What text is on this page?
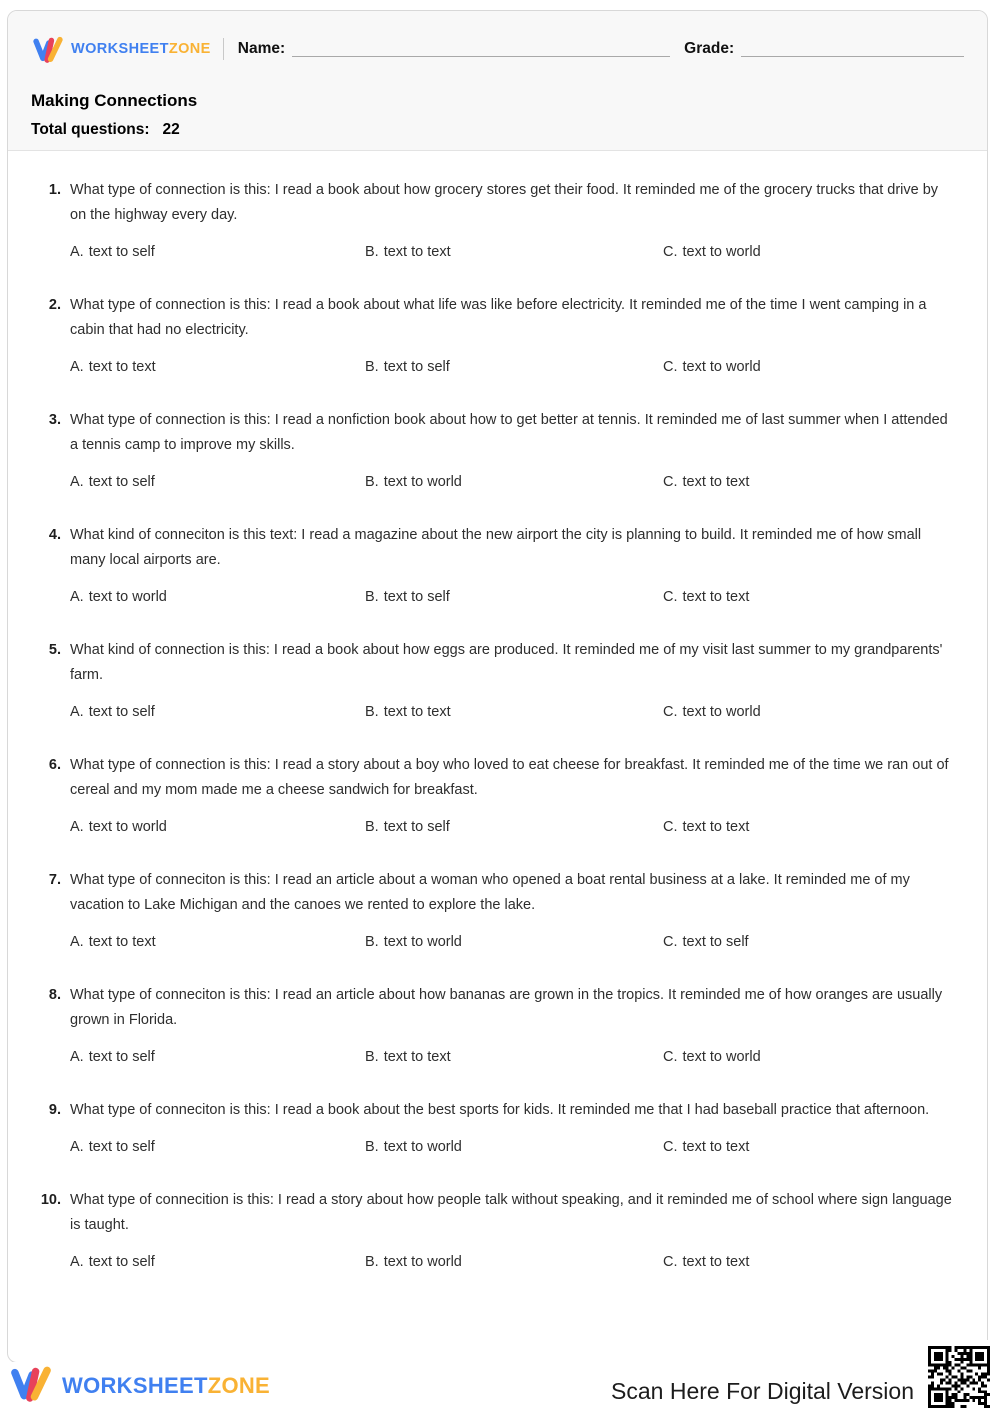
WORKSHEETZONE Name:	Grade:
Making Connections
Total questions: 22
1. What type of connection is this: I read a book about how grocery stores get their food. It reminded me of the grocery trucks that drive by on the highway every day.
A. text to self	B. text to text	C. text to world
2. What type of connection is this: I read a book about what life was like before electricity. It reminded me of the time I went camping in a cabin that had no electricity.
A. text to text	B. text to self	C. text to world
3. What type of connection is this: I read a nonfiction book about how to get better at tennis. It reminded me of last summer when I attended a tennis camp to improve my skills.
A. text to self	B. text to world	C. text to text
4. What kind of conneciton is this text: I read a magazine about the new airport the city is planning to build. It reminded me of how small many local airports are.
A. text to world	B. text to self	C. text to text
5. What kind of connection is this: I read a book about how eggs are produced. It reminded me of my visit last summer to my grandparents' farm.
A. text to self	B. text to text	C. text to world
6. What type of connection is this: I read a story about a boy who loved to eat cheese for breakfast. It reminded me of the time we ran out of cereal and my mom made me a cheese sandwich for breakfast.
A. text to world	B. text to self	C. text to text
7. What type of conneciton is this: I read an article about a woman who opened a boat rental business at a lake. It reminded me of my vacation to Lake Michigan and the canoes we rented to explore the lake.
A. text to text	B. text to world	C. text to self
8. What type of conneciton is this: I read an article about how bananas are grown in the tropics. It reminded me of how oranges are usually grown in Florida.
A. text to self	B. text to text	C. text to world
9. What type of conneciton is this: I read a book about the best sports for kids. It reminded me that I had baseball practice that afternoon.
A. text to self	B. text to world	C. text to text
10. What type of connecition is this: I read a story about how people talk without speaking, and it reminded me of school where sign language is taught.
A. text to self	B. text to world	C. text to text
WORKSHEETZONE	Scan Here For Digital Version
